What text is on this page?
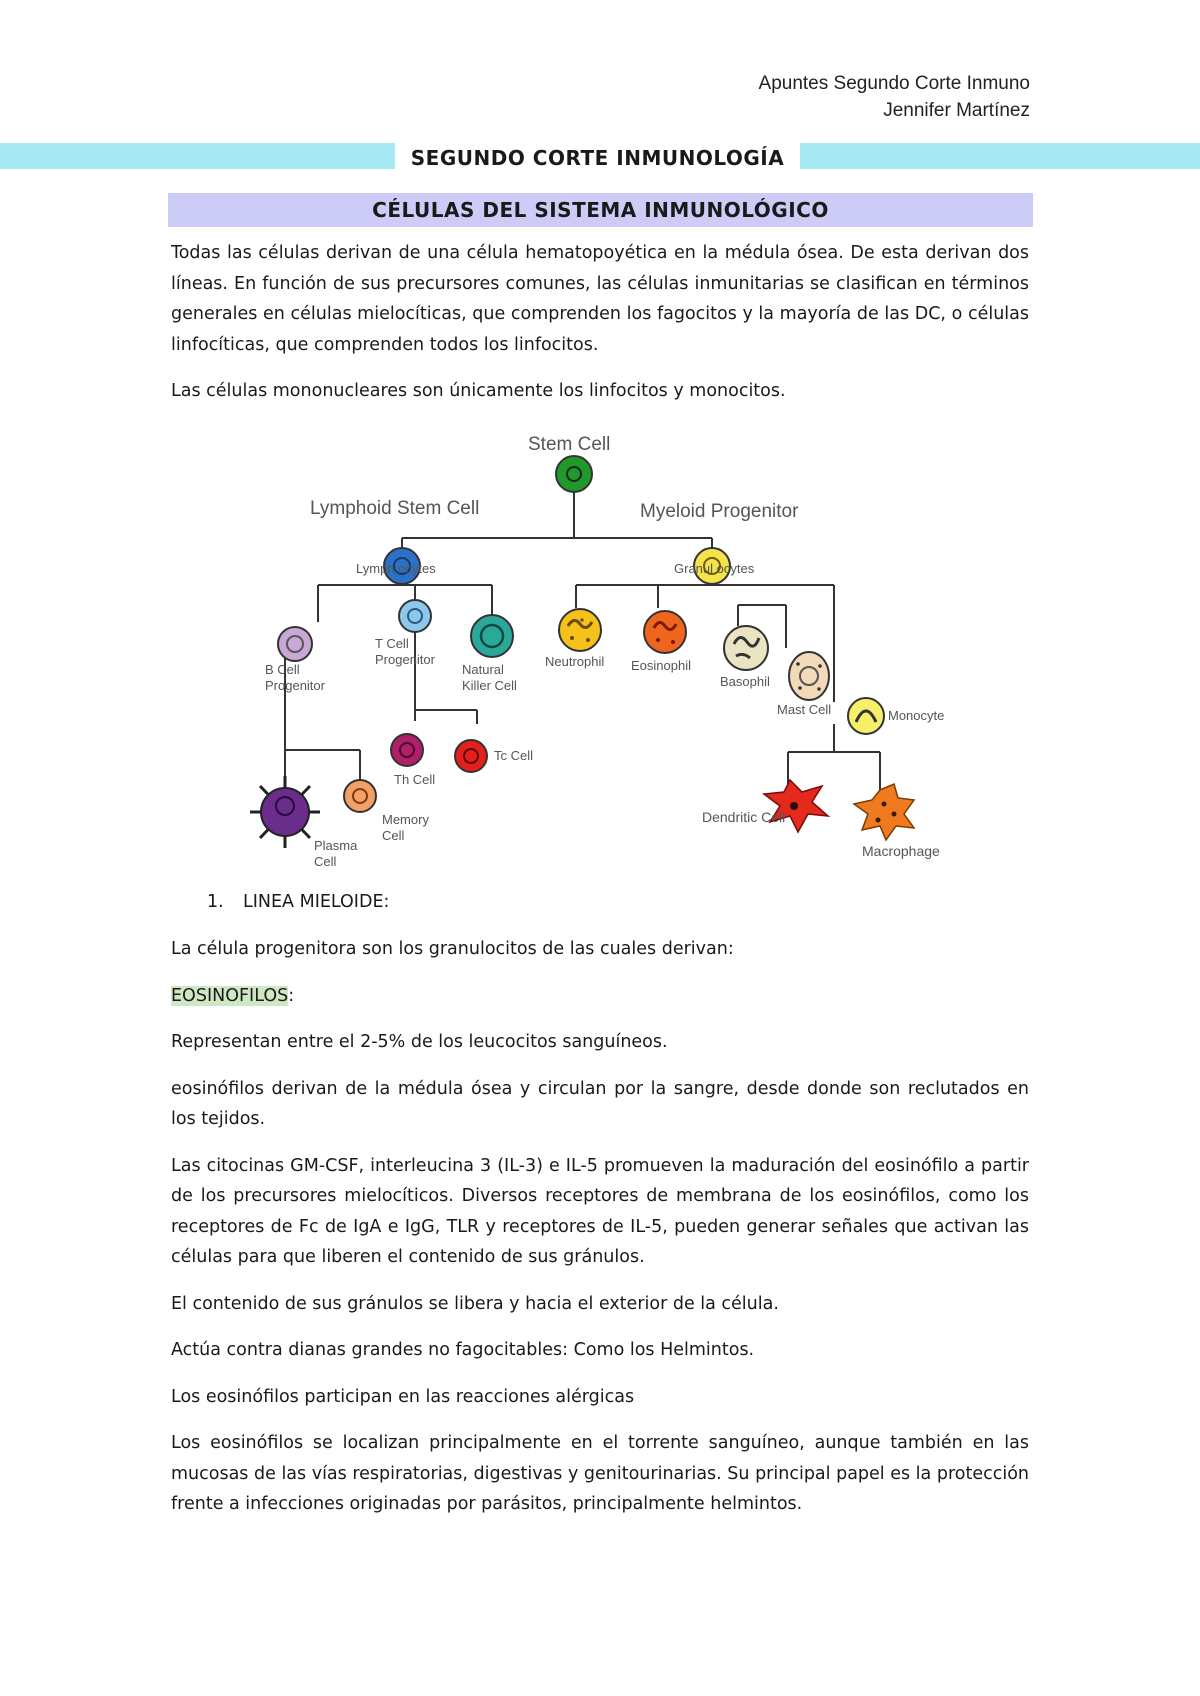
Apuntes Segundo Corte Inmuno
Jennifer Martínez
SEGUNDO CORTE INMUNOLOGÍA
CÉLULAS DEL SISTEMA INMUNOLÓGICO

Todas las células derivan de una célula hematopoyética en la médula ósea. De esta derivan dos líneas. En función de sus precursores comunes, las células inmunitarias se clasifican en términos generales en células mielocíticas, que comprenden los fagocitos y la mayoría de las DC, o células linfocíticas, que comprenden todos los linfocitos.

Las células mononucleares son únicamente los linfocitos y monocitos.

Stem Cell
Lymphoid Stem Cell	Myeloid Progenitor
Lymph ocytes	Granul ocytes
B Cell
Progenitor
T Cell
Progenitor
Natural
Killer Cell
Neutrophil Eosinophil
Basophil
Mast Cell	Monocyte
Th Cell
Tc Cell
Plasma
Cell
Memory
Cell
Dendritic Cell
Macrophage
1. LINEA MIELOIDE:

La célula progenitora son los granulocitos de las cuales derivan:

EOSINOFILOS:

Representan entre el 2-5% de los leucocitos sanguíneos.

eosinófilos derivan de la médula ósea y circulan por la sangre, desde donde son reclutados en los tejidos.

Las citocinas GM-CSF, interleucina 3 (IL-3) e IL-5 promueven la maduración del eosinófilo a partir de los precursores mielocíticos. Diversos receptores de membrana de los eosinófilos, como los receptores de Fc de IgA e IgG, TLR y receptores de IL-5, pueden generar señales que activan las células para que liberen el contenido de sus gránulos.

El contenido de sus gránulos se libera y hacia el exterior de la célula.

Actúa contra dianas grandes no fagocitables: Como los Helmintos.

Los eosinófilos participan en las reacciones alérgicas

Los eosinófilos se localizan principalmente en el torrente sanguíneo, aunque también en las mucosas de las vías respiratorias, digestivas y genitourinarias. Su principal papel es la protección frente a infecciones originadas por parásitos, principalmente helmintos.
